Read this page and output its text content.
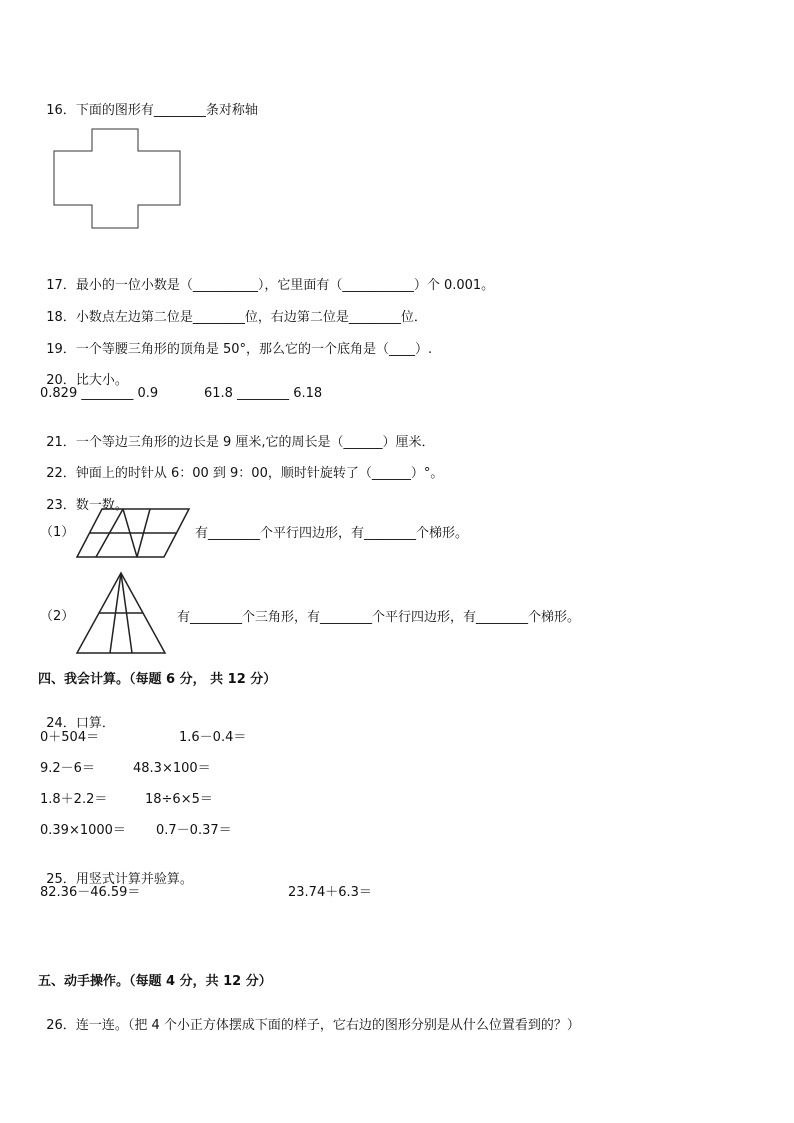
16．下面的图形有________条对称轴

17．最小的一位小数是（__________），它里面有（___________）个 0.001。

18．小数点左边第二位是________位，右边第二位是________位．

19．一个等腰三角形的顶角是 50°，那么它的一个底角是（____）.

20．比大小。

0.829 ________ 0.9	61.8 ________ 6.18

21．一个等边三角形的边长是 9 厘米,它的周长是（______）厘米．

22．钟面上的时针从 6：00 到 9：00，顺时针旋转了（______）°。

23．数一数。

（1）	有________个平行四边形，有________个梯形。
（2）	有________个三角形，有________个平行四边形，有________个梯形。
四、我会计算。（每题 6 分， 共 12 分）

24．口算．

0＋504＝	1.6－0.4＝
9.2－6＝	48.3×100＝
1.8＋2.2＝	18÷6×5＝
0.39×1000＝ 0.7－0.37＝

25．用竖式计算并验算。

82.36－46.59＝	23.74＋6.3＝
五、动手操作。（每题 4 分，共 12 分）

26．连一连。（把 4 个小正方体摆成下面的样子，它右边的图形分别是从什么位置看到的？）
